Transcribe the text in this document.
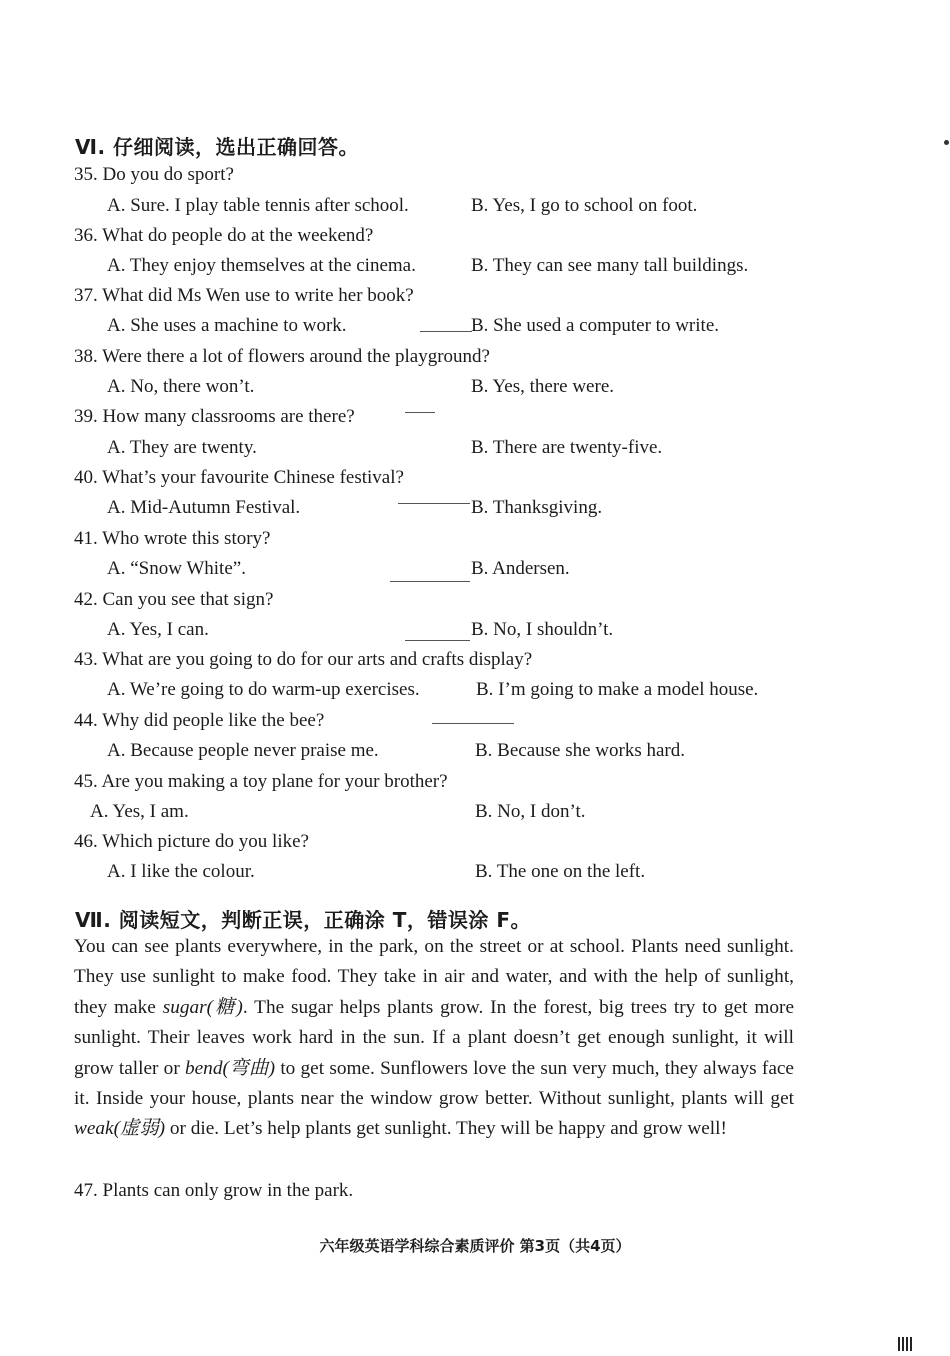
Ⅵ. 仔细阅读，选出正确回答。
35. Do you do sport?
A. Sure. I play table tennis after school.	B. Yes, I go to school on foot.
36. What do people do at the weekend?
A. They enjoy themselves at the cinema.	B. They can see many tall buildings.
37. What did Ms Wen use to write her book?
A. She uses a machine to work.	B. She used a computer to write.
38. Were there a lot of flowers around the playground?
A. No, there won’t.	B. Yes, there were.
39. How many classrooms are there?
A. They are twenty.	B. There are twenty-five.
40. What’s your favourite Chinese festival?
A. Mid-Autumn Festival.	B. Thanksgiving.
41. Who wrote this story?
A. “Snow White”.	B. Andersen.
42. Can you see that sign?
A. Yes, I can.	B. No, I shouldn’t.
43. What are you going to do for our arts and crafts display?
A. We’re going to do warm-up exercises.	B. I’m going to make a model house.
44. Why did people like the bee?
A. Because people never praise me.	B. Because she works hard.
45. Are you making a toy plane for your brother?
A. Yes, I am.	B. No, I don’t.
46. Which picture do you like?
A. I like the colour.	B. The one on the left.
Ⅶ. 阅读短文，判断正误，正确涂 T，错误涂 F。
You can see plants everywhere, in the park, on the street or at school. Plants need sunlight. They use sunlight to make food. They take in air and water, and with the help of sunlight, they make sugar(糖). The sugar helps plants grow. In the forest, big trees try to get more sunlight. Their leaves work hard in the sun. If a plant doesn’t get enough sunlight, it will grow taller or bend(弯曲) to get some. Sunflowers love the sun very much, they always face it. Inside your house, plants near the window grow better. Without sunlight, plants will get weak(虚弱) or die. Let’s help plants get sunlight. They will be happy and grow well!
47. Plants can only grow in the park.
六年级英语学科综合素质评价 第3页（共4页）
